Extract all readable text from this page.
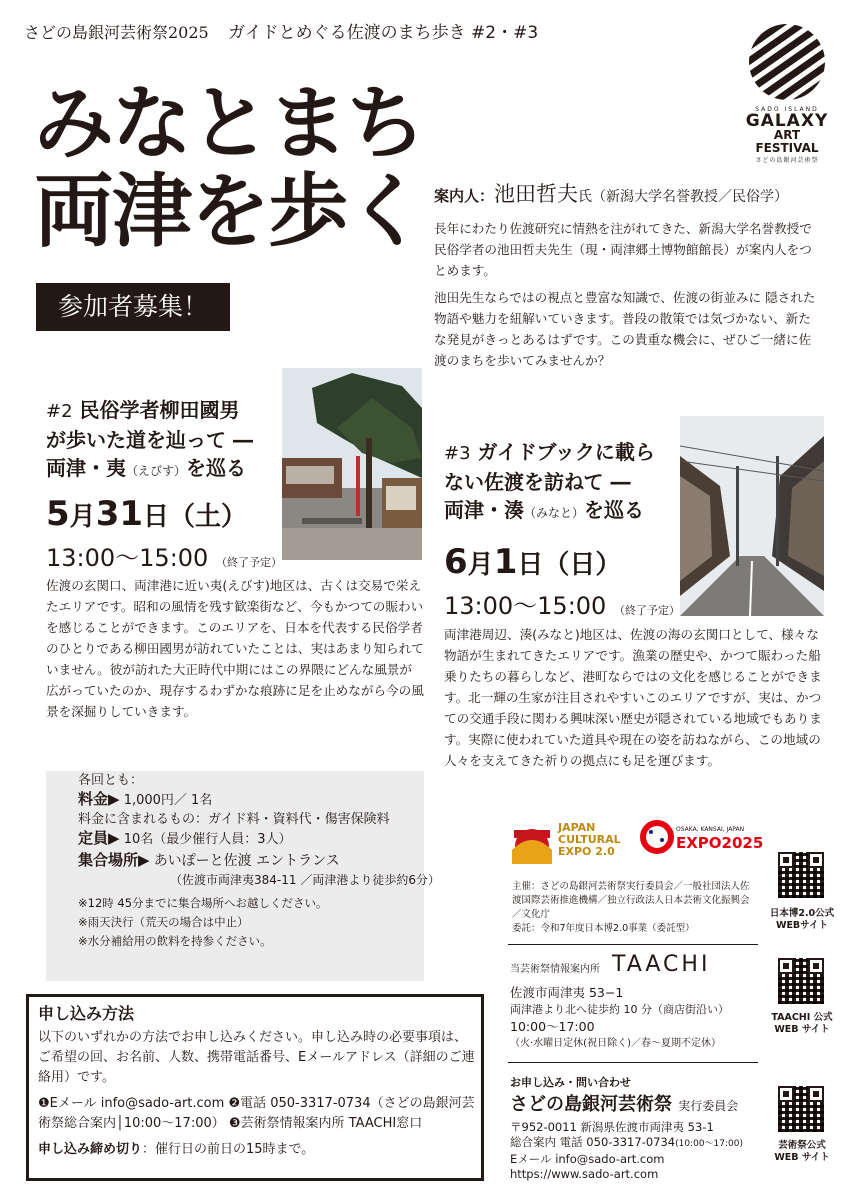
さどの島銀河芸術祭2025 ガイドとめぐる佐渡のまち歩き #2・#3
SADO ISLAND
GALAXY
ART FESTIVAL
さどの島銀河芸術祭
みなとまち
両津を歩く
参加者募集！
案内人：池田哲夫氏（新潟大学名誉教授／民俗学）

長年にわたり佐渡研究に情熱を注がれてきた、新潟大学名誉教授で民俗学者の池田哲夫先生（現・両津郷土博物館館長）が案内人をつとめます。

池田先生ならではの視点と豊富な知識で、佐渡の街並みに 隠された 物語や魅力を紐解いていきます。普段の散策では気づかない、新たな発見がきっとあるはずです。この貴重な機会に、ぜひご一緒に佐渡のまちを歩いてみませんか？

#2 民俗学者柳田國男
が歩いた道を辿って ―
両津・夷（えびす）を巡る
5月31日（土）
13:00〜15:00 （終了予定）
佐渡の玄関口、両津港に近い夷(えびす)地区は、古くは交易で栄えたエリアです。昭和の風情を残す歓楽街など、今もかつての賑わいを感じることができます。このエリアを、日本を代表する民俗学者のひとりである柳田國男が訪れていたことは、実はあまり知られていません。彼が訪れた大正時代中期にはこの界隈にどんな風景が広がっていたのか、現存するわずかな痕跡に足を止めながら今の風景を深掘りしていきます。
#3 ガイドブックに載ら
ない佐渡を訪ねて ―
両津・湊（みなと）を巡る
6月1日（日）
13:00〜15:00 （終了予定）
両津港周辺、湊(みなと)地区は、佐渡の海の玄関口として、様々な物語が生まれてきたエリアです。漁業の歴史や、かつて賑わった船乗りたちの暮らしなど、港町ならではの文化を感じることができます。北一輝の生家が注目されやすいこのエリアですが、実は、かつての交通手段に関わる興味深い歴史が隠されている地域でもあります。実際に使われていた道具や現在の姿を訪ねながら、この地域の人々を支えてきた祈りの拠点にも足を運びます。
各回とも：
料金▶ 1,000円／ 1名
料金に含まれるもの：ガイド料・資料代・傷害保険料
定員▶ 10名（最少催行人員：3人）
集合場所▶ あいぽーと佐渡 エントランス
（佐渡市両津夷384-11 ／両津港より徒歩約6分）
※12時 45分までに集合場所へお越しください。
※雨天決行（荒天の場合は中止）
※水分補給用の飲料を持参ください。
申し込み方法

以下のいずれかの方法でお申し込みください。申し込み時の必要事項は、ご希望の回、お名前、人数、携帯電話番号、Eメールアドレス（詳細のご連絡用）です。

❶Eメール info@sado-art.com ❷電話 050-3317-0734（さどの島銀河芸術祭総合案内│10:00〜17:00） ❸芸術祭情報案内所 TAACHI窓口

申し込み締め切り：催行日の前日の15時まで。

JAPAN
CULTURAL
EXPO 2.0
OSAKA, KANSAI, JAPAN
EXPO2025
主催：さどの島銀河芸術祭実行委員会／一般社団法人佐渡国際芸術推進機構／独立行政法人日本芸術文化振興会／文化庁
委託：令和7年度日本博2.0事業（委託型）
日本博2.0公式WEBサイト
当芸術祭情報案内所 TAACHI
佐渡市両津夷 53−1
両津港より北へ徒歩約 10 分（商店街沿い）
10:00〜17:00
（火·水曜日定休(祝日除く)／春〜夏期不定休）
TAACHI 公式 WEB サイト
お申し込み・問い合わせ
さどの島銀河芸術祭 実行委員会
〒952-0011 新潟県佐渡市両津夷 53-1
総合案内 電話 050-3317-0734(10:00〜17:00)
Eメール info@sado-art.com
https://www.sado-art.com
芸術祭公式 WEB サイト
